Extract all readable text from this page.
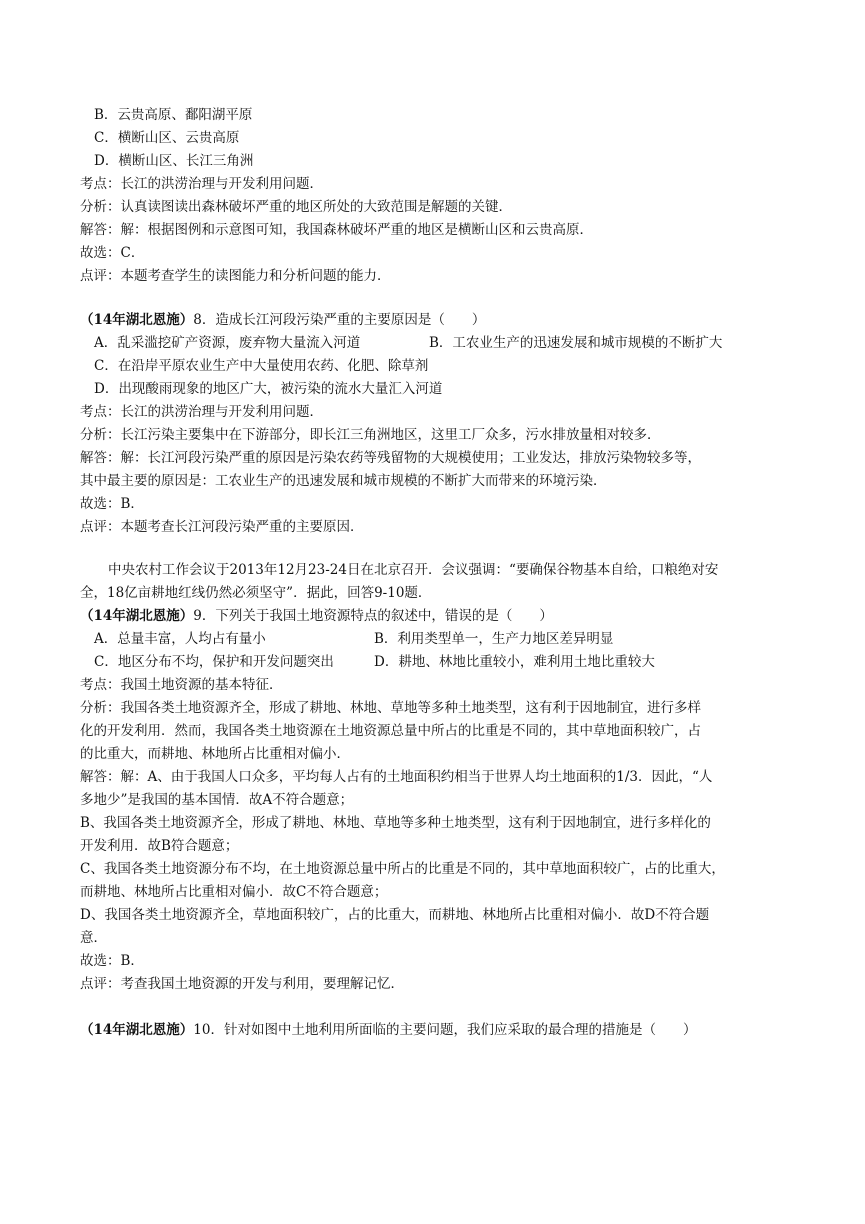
B．云贵高原、鄱阳湖平原
C．横断山区、云贵高原
D．横断山区、长江三角洲
考点：长江的洪涝治理与开发利用问题．
分析：认真读图读出森林破坏严重的地区所处的大致范围是解题的关键．
解答：解：根据图例和示意图可知，我国森林破坏严重的地区是横断山区和云贵高原．
故选：C．
点评：本题考查学生的读图能力和分析问题的能力．
（14年湖北恩施）8．造成长江河段污染严重的主要原因是（　　）
A．乱采滥挖矿产资源，废弃物大量流入河道	B．工农业生产的迅速发展和城市规模的不断扩大
C．在沿岸平原农业生产中大量使用农药、化肥、除草剂
D．出现酸雨现象的地区广大，被污染的流水大量汇入河道
考点：长江的洪涝治理与开发利用问题．
分析：长江污染主要集中在下游部分，即长江三角洲地区，这里工厂众多，污水排放量相对较多．
解答：解：长江河段污染严重的原因是污染农药等残留物的大规模使用；工业发达，排放污染物较多等，
其中最主要的原因是：工农业生产的迅速发展和城市规模的不断扩大而带来的环境污染．
故选：B．
点评：本题考查长江河段污染严重的主要原因．
中央农村工作会议于2013年12月23-24日在北京召开．会议强调：“要确保谷物基本自给，口粮绝对安
全，18亿亩耕地红线仍然必须坚守”．据此，回答9-10题．
（14年湖北恩施）9．下列关于我国土地资源特点的叙述中，错误的是（　　）
A．总量丰富，人均占有量小	B．利用类型单一，生产力地区差异明显
C．地区分布不均，保护和开发问题突出	D．耕地、林地比重较小，难利用土地比重较大
考点：我国土地资源的基本特征．
分析：我国各类土地资源齐全，形成了耕地、林地、草地等多种土地类型，这有利于因地制宜，进行多样
化的开发利用．然而，我国各类土地资源在土地资源总量中所占的比重是不同的，其中草地面积较广，占
的比重大，而耕地、林地所占比重相对偏小．
解答：解：A、由于我国人口众多，平均每人占有的土地面积约相当于世界人均土地面积的1/3．因此，“人
多地少”是我国的基本国情．故A不符合题意；
B、我国各类土地资源齐全，形成了耕地、林地、草地等多种土地类型，这有利于因地制宜，进行多样化的
开发利用．故B符合题意；
C、我国各类土地资源分布不均，在土地资源总量中所占的比重是不同的，其中草地面积较广，占的比重大，
而耕地、林地所占比重相对偏小．故C不符合题意；
D、我国各类土地资源齐全，草地面积较广，占的比重大，而耕地、林地所占比重相对偏小．故D不符合题
意．
故选：B．
点评：考查我国土地资源的开发与利用，要理解记忆．
（14年湖北恩施）10．针对如图中土地利用所面临的主要问题，我们应采取的最合理的措施是（　　）
